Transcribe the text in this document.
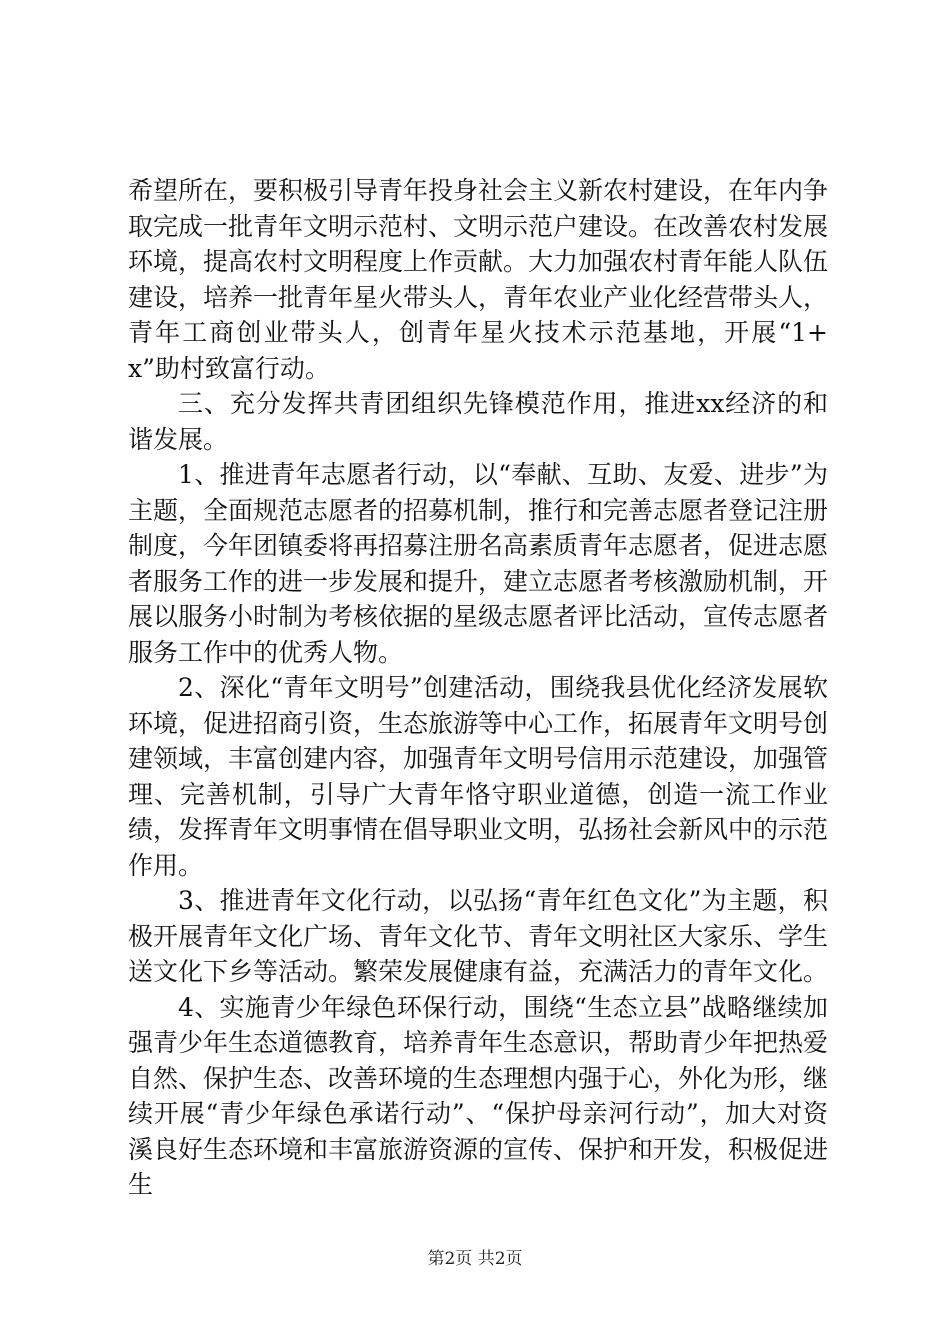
希望所在，要积极引导青年投身社会主义新农村建设，在年内争取完成一批青年文明示范村、文明示范户建设。在改善农村发展环境，提高农村文明程度上作贡献。大力加强农村青年能人队伍建设，培养一批青年星火带头人，青年农业产业化经营带头人，青年工商创业带头人，创青年星火技术示范基地，开展“1+x”助村致富行动。

三、充分发挥共青团组织先锋模范作用，推进xx经济的和谐发展。

1、推进青年志愿者行动，以“奉献、互助、友爱、进步”为主题，全面规范志愿者的招募机制，推行和完善志愿者登记注册制度，今年团镇委将再招募注册名高素质青年志愿者，促进志愿者服务工作的进一步发展和提升，建立志愿者考核激励机制，开展以服务小时制为考核依据的星级志愿者评比活动，宣传志愿者服务工作中的优秀人物。

2、深化“青年文明号”创建活动，围绕我县优化经济发展软环境，促进招商引资，生态旅游等中心工作，拓展青年文明号创建领域，丰富创建内容，加强青年文明号信用示范建设，加强管理、完善机制，引导广大青年恪守职业道德，创造一流工作业绩，发挥青年文明事情在倡导职业文明，弘扬社会新风中的示范作用。

3、推进青年文化行动，以弘扬“青年红色文化”为主题，积极开展青年文化广场、青年文化节、青年文明社区大家乐、学生送文化下乡等活动。繁荣发展健康有益，充满活力的青年文化。

4、实施青少年绿色环保行动，围绕“生态立县”战略继续加强青少年生态道德教育，培养青年生态意识，帮助青少年把热爱自然、保护生态、改善环境的生态理想内强于心，外化为形，继续开展“青少年绿色承诺行动”、“保护母亲河行动”，加大对资溪良好生态环境和丰富旅游资源的宣传、保护和开发，积极促进生

第2页 共2页
